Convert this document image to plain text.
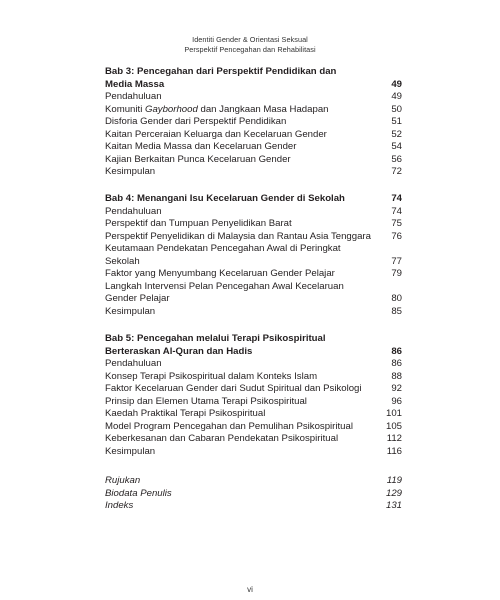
Identiti Gender & Orientasi Seksual
Perspektif Pencegahan dan Rehabilitasi
Bab 3: Pencegahan dari Perspektif Pendidikan dan
Media Massa	49
Pendahuluan	49
Komuniti Gayborhood dan Jangkaan Masa Hadapan	50
Disforia Gender dari Perspektif Pendidikan	51
Kaitan Perceraian Keluarga dan Kecelaruan Gender	52
Kaitan Media Massa dan Kecelaruan Gender	54
Kajian Berkaitan Punca Kecelaruan Gender	56
Kesimpulan	72
Bab 4: Menangani Isu Kecelaruan Gender di Sekolah	74
Pendahuluan	74
Perspektif dan Tumpuan Penyelidikan Barat	75
Perspektif Penyelidikan di Malaysia dan Rantau Asia Tenggara 76
Keutamaan Pendekatan Pencegahan Awal di Peringkat
Sekolah	77
Faktor yang Menyumbang Kecelaruan Gender Pelajar	79
Langkah Intervensi Pelan Pencegahan Awal Kecelaruan
Gender Pelajar	80
Kesimpulan	85
Bab 5: Pencegahan melalui Terapi Psikospiritual
Berteraskan Al-Quran dan Hadis	86
Pendahuluan	86
Konsep Terapi Psikospiritual dalam Konteks Islam	88
Faktor Kecelaruan Gender dari Sudut Spiritual dan Psikologi	92
Prinsip dan Elemen Utama Terapi Psikospiritual	96
Kaedah Praktikal Terapi Psikospiritual	101
Model Program Pencegahan dan Pemulihan Psikospiritual	105
Keberkesanan dan Cabaran Pendekatan Psikospiritual	112
Kesimpulan	116
Rujukan	119
Biodata Penulis	129
Indeks	131
vi
